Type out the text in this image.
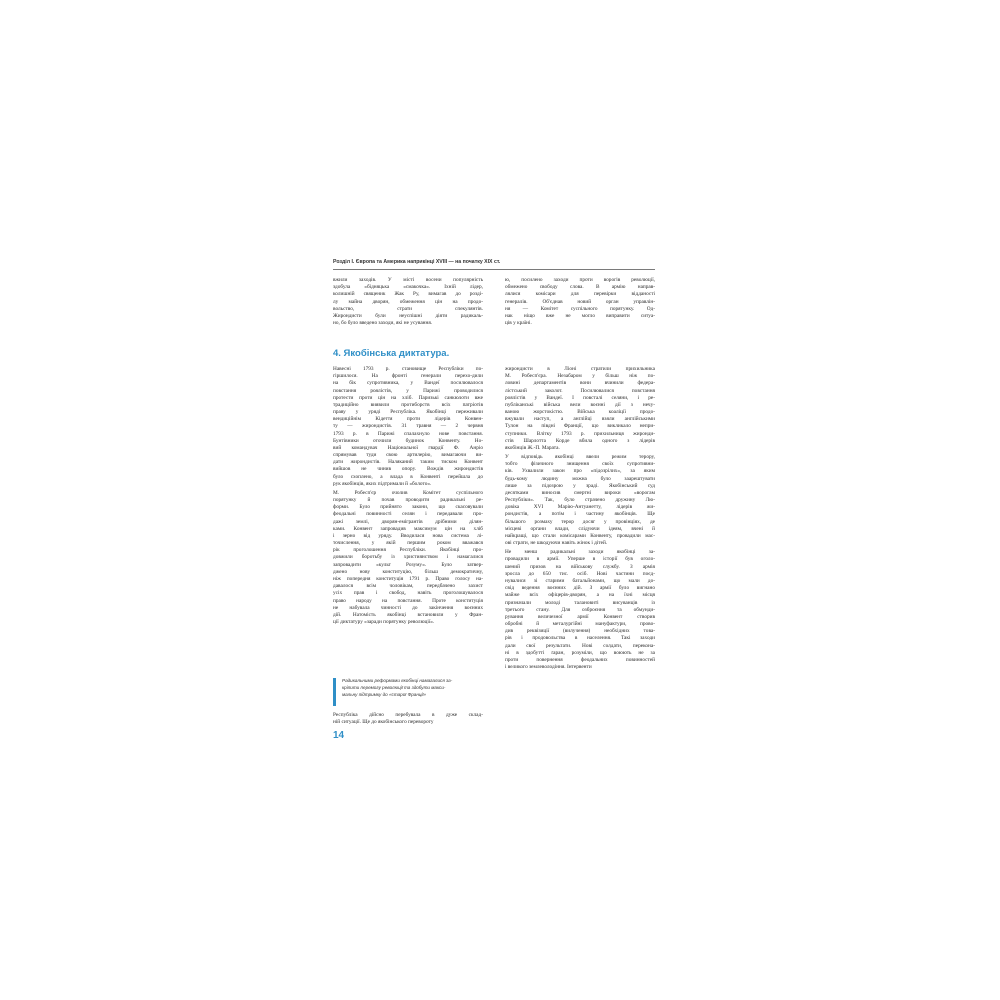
Розділ І. Європа та Америка наприкінці XVIII — на початку XIX ст.
вжили заходів. У місті восени популярність
здобула «бідняцька «смакочка». Їхній лідер,
колишній священик Жак Ру, вимагав до розді-
лу майна дворян, обмеження цін на продо-
вольство, страти спекулянтів.
Жирондисти були неуспішні діяти радикаль-
но, бо було введено заходи, які не усування.
ю, посилено заходи проти ворогів революції,
обмежено свободу слова. В армію направ-
лялися комісари для перевірки відданості
генералів. Об'єднав новий орган управлін-
ня — Комітет суспільного порятунку. Од-
нак ніщо вже не могло виправити ситуа-
ців у країні.
4. Якобінська диктатура.
Навесні 1793 р. становище Республіки по-
гіршилося. На фронті генерали перехо-дили
на бік супротивника, у Вандеї посилювалося
повстання роялістів, у Парижі проводилися
протести проти цін на хліб. Паризькі санкюлоти вже
традиційно виявили протиборств всіх патріотів
праву у уряді Республіка. Якобінці переживали
вендиційнім Кідеття проти лідерів Конвен-
ту — жирондистів. 31 травня — 2 червня
1793 р. в Парижі спалахнуло нове повстання.
Бунтівники оточили будинок Конвенту. Но-
вий командувач Національної гвардії Ф. Анріо
спрямував туди свою артилерію, вимагаючи ви-
дати жирондистів. Наляканий таким тиском Конвент
вийшов не чинив опору. Вождів жирондистів
було схоплено, а влада в Конвенті перейшла до
рук якобінців, яких підтримали й «болото».
М. Робесп'єр очолив Комітет суспільного
порятунку й почав проводити радикальні ре-
форми. Було прийнято закони, що скасовували
феодальні повинності селян і передавали про-
дажі землі, дворян-емігрантів дрібними ділян-
ками. Конвент запровадив максимум цін на хліб
і зерно від уряду. Вводилася нова система лі-
точислення, у якій першим роком вважався
рік проголошення Республіки. Якобінці про-
довжили боротьбу із християнством і намагалися
запровадити «культ Розуму». Було затвер-
джено нову конституцію, більш демократичну,
ніж попередня конституція 1791 р. Право голосу на-
давалося всім чоловікам, передбачено захист
усіх прав і свобод, навіть проголошувалося
право народу на повстання. Проте конституція
не набувала чинності до закінчення воєнних
дій. Натомість якобінці встановили у Фран-
ції диктатуру «заради порятунку революції».
жирондисти в Ліоні стратили прихильника
М. Робесп'єра. Незабаром у більш ніж по-
ловині департаментів вони вчинили федера-
лістський заколот. Посилювалися повстання
роялістів у Вандеї. І повсталі селяни, і ре-
публіканські війська вели воєнні дії з нечу-
ваною жорстокістю. Війська коаліції продо-
вжували наступ, а англійці взяли англійськими
Тулон на півдні Франції, що викликало непри-
ступники. Влітку 1793 р. прихильниця жиронди-
стів Шарлотта Корде вбила одного з лідерів
якобінців Ж.-П. Марата.
У відповідь якобінці ввели режим терору,
тобто фізичного знищення своїх супротивни-
ків. Ухвалили закон про «підозрілих», за яким
будь-кому людину можна було заарештувати
лише за підозрою у зраді. Якобінський суд
десятками виносив смертні вироки «ворогам
Республіки». Так, було страчено дружину Лю-
довіка XVI Марію-Антуанетту, лідерів жи-
рондистів, а потім і частину якобінців. Ще
більшого розмаху терор досяг у провінціях, де
місцеві органи влади, слідуючи ідеям, вчені й
найкращі, що стали комісарами Конвенту, провадили мас-
ові страти, не шкодуючи навіть жінок і дітей.
Не менш радикальні заходи якобінці за-
провадили в армії. Уперше в історії був оголо-
шений призов на військову службу. З армія
зросла до 650 тис. осіб. Нові частини поєд-
нувалися зі старими батальйонами, що мали до-
свід ведення воєнних дій. З армії було вигнано
майже всіх офіцерів-дворян, а на їхні місця
призначали молоді талановиті висуванців із
третього стану. Для озброєння та обмунди-
рування величезної армії Конвент створив
обробні й металургійні мануфактури, прово-
див реквізиції (вилучення) необхідних това-
рів і продовольства в населення. Такі заходи
дали свої результати. Нові солдати, перекона-
ні в здобутті ґаран, розуміли, що воюють не за
проти повернення феодальних повинностей
і великого землеволодіння. Інтервенти
Радикальними реформами якобінці намагалися за-
кріпити перемогу революції та здобути макси-
мальну підтримку до «старої Франції»
Республіка дійсно перебувала в дуже склад-
ній ситуації. Ще до якобінського перевороту
14
